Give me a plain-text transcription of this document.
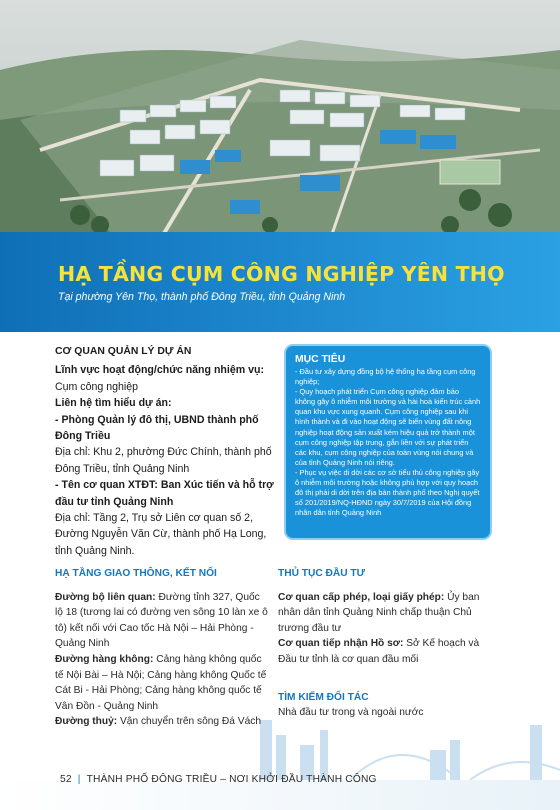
HẠ TẦNG CỤM CÔNG NGHIỆP YÊN THỌ
Tại phường Yên Thọ, thành phố Đông Triều, tỉnh Quảng Ninh
CƠ QUAN QUẢN LÝ DỰ ÁN
Lĩnh vực hoạt động/chức năng nhiệm vụ: Cụm công nghiệp
Liên hệ tìm hiểu dự án:
- Phòng Quản lý đô thị, UBND thành phố Đông Triều
Địa chỉ: Khu 2, phường Đức Chính, thành phố Đông Triều, tỉnh Quảng Ninh
- Tên cơ quan XTĐT: Ban Xúc tiến và hỗ trợ đầu tư tỉnh Quảng Ninh
Địa chỉ: Tầng 2, Trụ sở Liên cơ quan số 2, Đường Nguyễn Văn Cừ, thành phố Hạ Long, tỉnh Quảng Ninh.
MỤC TIÊU

- Đầu tư xây dựng đồng bộ hệ thống hạ tầng cụm công nghiệp;

- Quy hoạch phát triển Cụm công nghiệp đảm bảo không gây ô nhiễm môi trường và hài hoà kiến trúc cảnh quan khu vực xung quanh. Cụm công nghiệp sau khi hình thành và đi vào hoạt động sẽ biến vùng đất nông nghiệp hoạt động sản xuất kém hiệu quả trở thành một cụm công nghiệp tập trung, gắn liền với sự phát triển các khu, cụm công nghiệp của toàn vùng nói chung và của tỉnh Quảng Ninh nói riêng.

- Phục vụ việc di dời các cơ sở tiểu thủ công nghiệp gây ô nhiễm môi trường hoặc không phù hợp với quy hoạch đô thị phải di dời trên địa bàn thành phố theo Nghị quyết số 201/2019/NQ-HĐND ngày 30/7/2019 của Hội đồng nhân dân tỉnh Quảng Ninh

HẠ TẦNG GIAO THÔNG, KẾT NỐI
Đường bộ liên quan: Đường tỉnh 327, Quốc lộ 18 (tương lai có đường ven sông 10 làn xe ô tô) kết nối với Cao tốc Hà Nội – Hải Phòng - Quảng Ninh
Đường hàng không: Cảng hàng không quốc tế Nội Bài – Hà Nội; Cảng hàng không Quốc tế Cát Bi - Hải Phòng; Cảng hàng không quốc tế Vân Đồn - Quảng Ninh
Đường thuỷ: Vận chuyển trên sông Đá Vách
THỦ TỤC ĐẦU TƯ
Cơ quan cấp phép, loại giấy phép: Ủy ban nhân dân tỉnh Quảng Ninh chấp thuận Chủ trương đầu tư
Cơ quan tiếp nhận Hồ sơ: Sở Kế hoạch và Đầu tư tỉnh là cơ quan đầu mối
TÌM KIẾM ĐỐI TÁC
Nhà đầu tư trong và ngoài nước
52 | THÀNH PHỐ ĐÔNG TRIỀU – NƠI KHỞI ĐẦU THÀNH CÔNG
